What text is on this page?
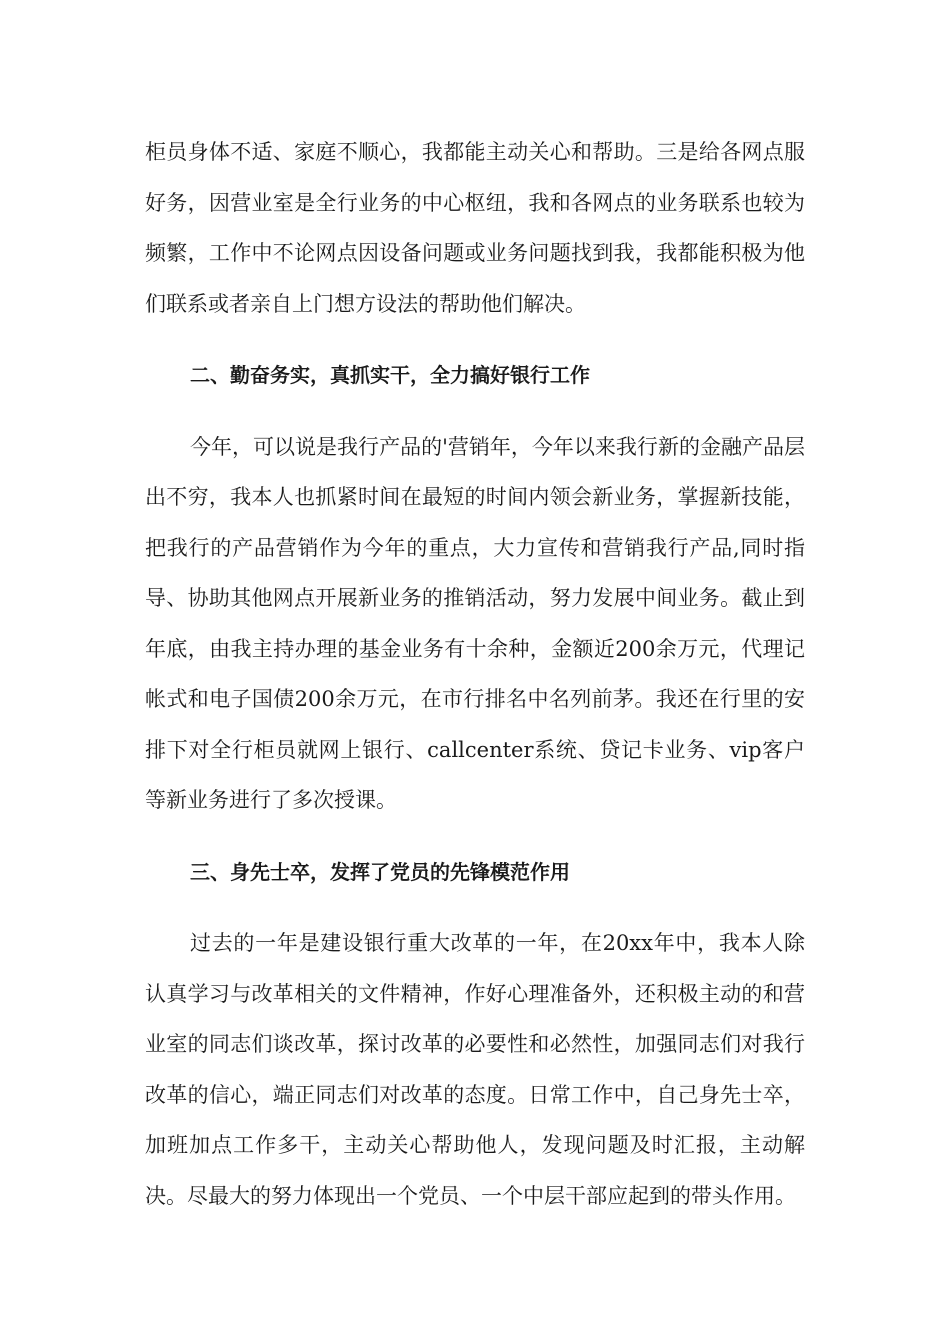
柜员身体不适、家庭不顺心，我都能主动关心和帮助。三是给各网点服好务，因营业室是全行业务的中心枢纽，我和各网点的业务联系也较为频繁，工作中不论网点因设备问题或业务问题找到我，我都能积极为他们联系或者亲自上门想方设法的帮助他们解决。

二、勤奋务实，真抓实干，全力搞好银行工作

今年，可以说是我行产品的'营销年，今年以来我行新的金融产品层出不穷，我本人也抓紧时间在最短的时间内领会新业务，掌握新技能，把我行的产品营销作为今年的重点，大力宣传和营销我行产品,同时指导、协助其他网点开展新业务的推销活动，努力发展中间业务。截止到年底，由我主持办理的基金业务有十余种，金额近200余万元，代理记帐式和电子国债200余万元，在市行排名中名列前茅。我还在行里的安排下对全行柜员就网上银行、callcenter系统、贷记卡业务、vip客户等新业务进行了多次授课。

三、身先士卒，发挥了党员的先锋模范作用

过去的一年是建设银行重大改革的一年，在20xx年中，我本人除认真学习与改革相关的文件精神，作好心理准备外，还积极主动的和营业室的同志们谈改革，探讨改革的必要性和必然性，加强同志们对我行改革的信心，端正同志们对改革的态度。日常工作中，自己身先士卒，加班加点工作多干，主动关心帮助他人，发现问题及时汇报，主动解决。尽最大的努力体现出一个党员、一个中层干部应起到的带头作用。
